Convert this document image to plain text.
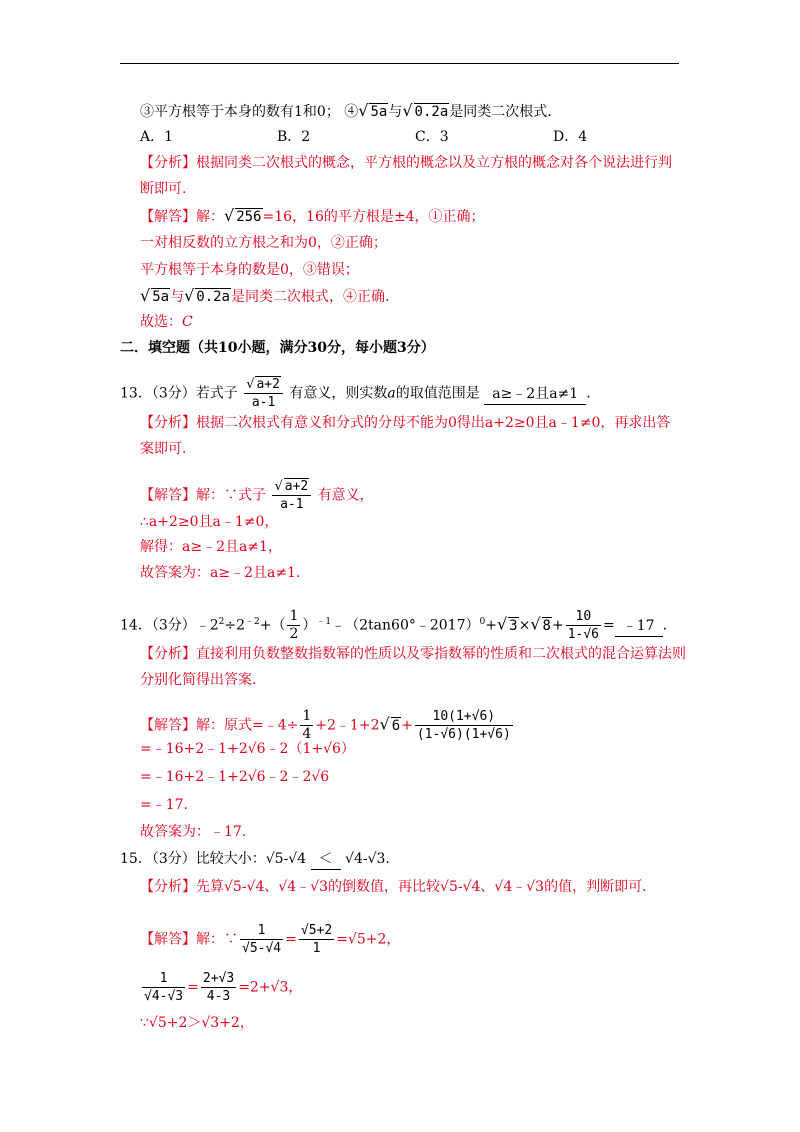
③平方根等于本身的数有1和0； ④√ 5a与√ 0.2a是同类二次根式.
A．1	B．2	C．3	D．4
【分析】根据同类二次根式的概念，平方根的概念以及立方根的概念对各个说法进行判
断即可.
【解答】解：√ 256=16，16的平方根是±4，①正确；
一对相反数的立方根之和为0，②正确；
平方根等于本身的数是0，③错误；
√ 5a与√ 0.2a是同类二次根式，④正确.
故选：C
二．填空题（共10小题，满分30分，每小题3分）
13．（3分）若式子 $\frac{√ a+2}{a-1}$ 有意义，则实数a的取值范围是 a≥﹣2且a≠1 .
【分析】根据二次根式有意义和分式的分母不能为0得出a+2≥0且a﹣1≠0，再求出答
案即可.
【解答】解：∵式子 $\frac{√ a+2}{a-1}$ 有意义，
∴a+2≥0且a﹣1≠0，
解得：a≥﹣2且a≠1，
故答案为：a≥﹣2且a≠1.
14．（3分）$﹣2^2\div 2^{﹣2}+( \frac{1}{2}$ ）$^{﹣1}$﹣（2tan60°﹣2017）$^0$+√ 3×√ $8+ \frac{10}{1-√6}$ = ﹣17 .
【分析】直接利用负数整数指数幂的性质以及零指数幂的性质和二次根式的混合运算法则
分别化简得出答案.
【解答】解：原式=﹣4÷ $\frac{1}{4}$ +2﹣1+2√ $6+ \frac{10(1+√6)}{(1-√6)(1+√6)}$
=﹣16+2﹣1+2√6﹣2（1+√6）
=﹣16+2﹣1+2√6﹣2﹣2√6
=﹣17.
故答案为：﹣17.
15．（3分）比较大小：√5-√4 ＜ √4-√3.
【分析】先算√5-√4、√4﹣√3的倒数值，再比较√5-√4、√4﹣√3的值，判断即可.
【解答】解：∵ $\frac{1}{√5-√4} = \frac{√5+2}{1} =√5+2$，
$\frac{1}{√4-√3} = \frac{2+√3}{4-3} =2+√3$，
∵√5+2＞√3+2，
